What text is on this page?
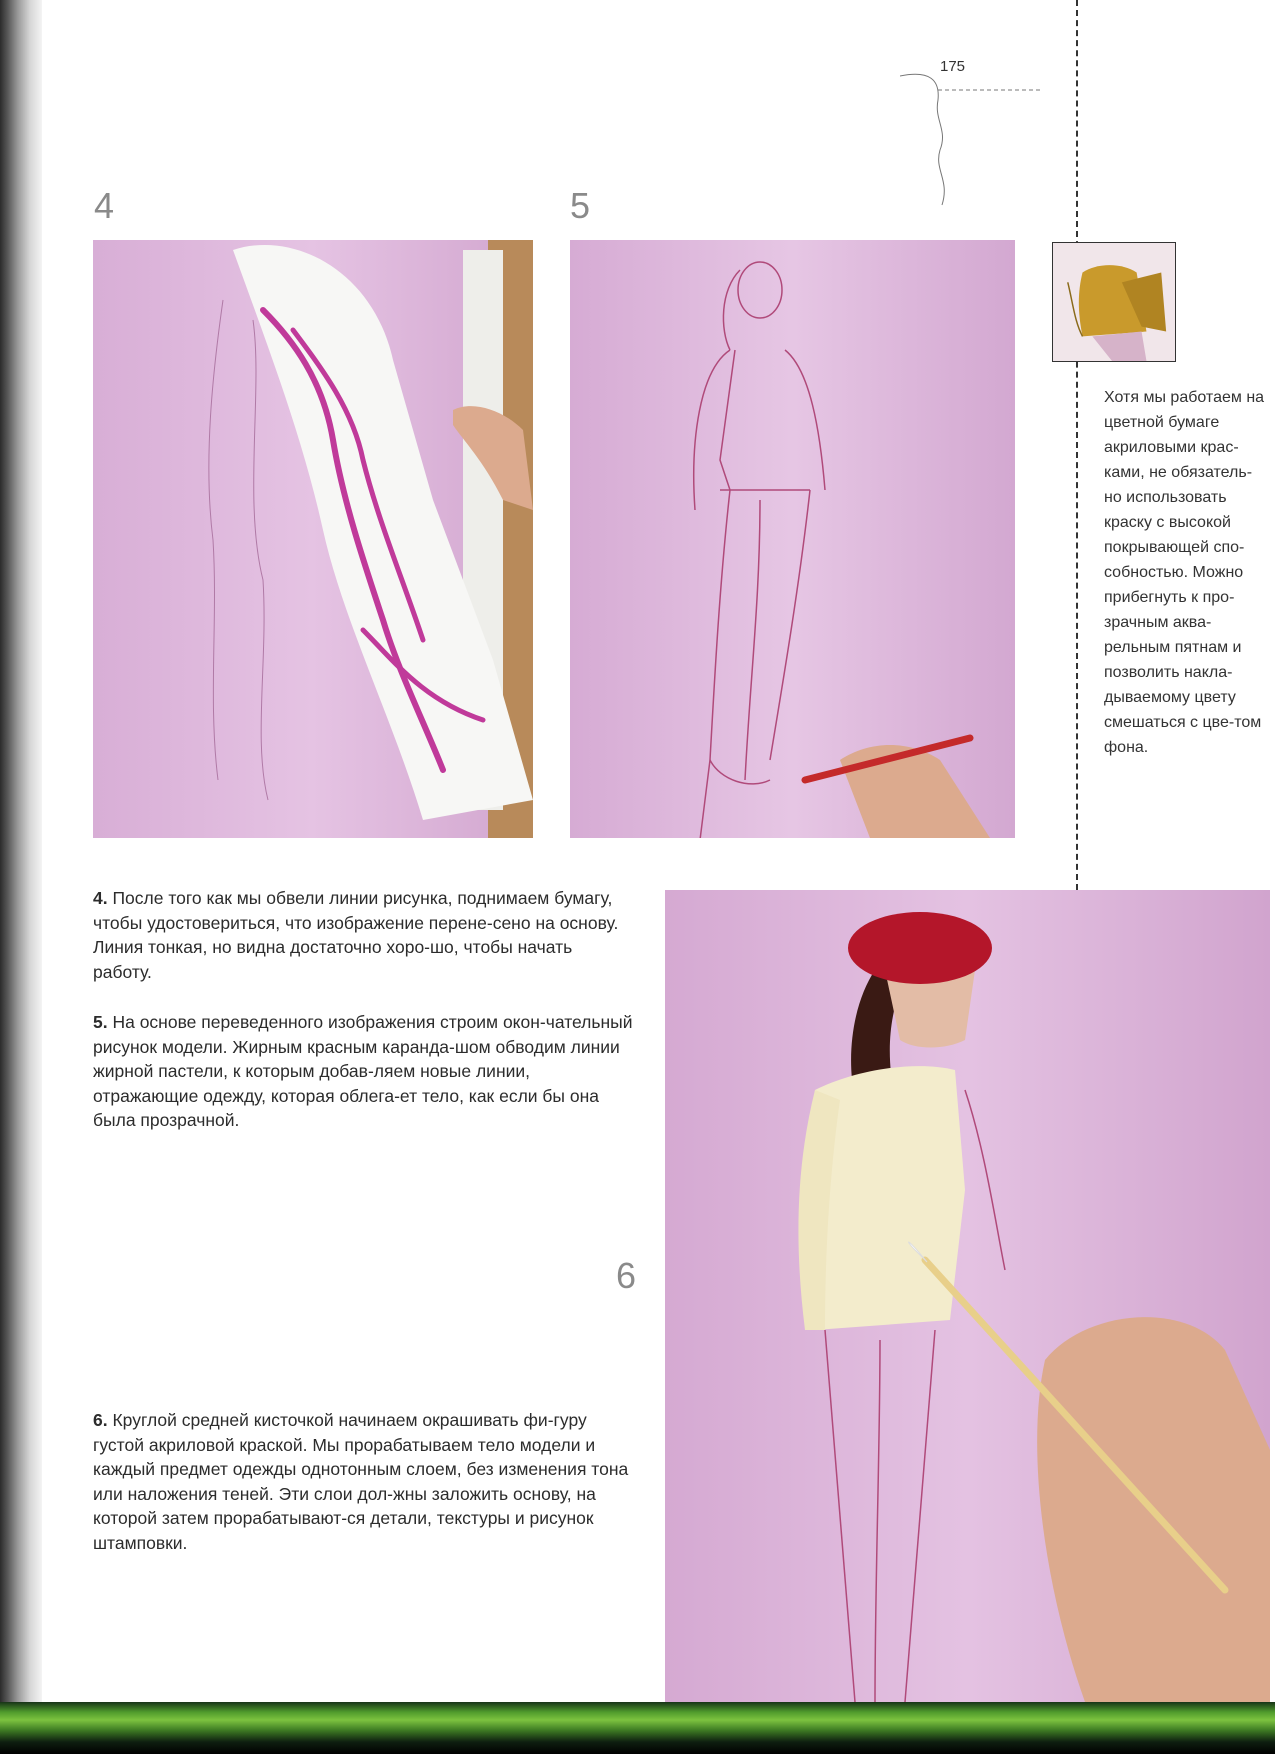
175
4	5
6

4. После того как мы обвели линии рисунка, поднимаем бумагу, чтобы удостовериться, что изображение перене-сено на основу. Линия тонкая, но видна достаточно хоро-шо, чтобы начать работу.

5. На основе переведенного изображения строим окон-чательный рисунок модели. Жирным красным каранда-шом обводим линии жирной пастели, к которым добав-ляем новые линии, отражающие одежду, которая облега-ет тело, как если бы она была прозрачной.

6. Круглой средней кисточкой начинаем окрашивать фи-гуру густой акриловой краской. Мы прорабатываем тело модели и каждый предмет одежды однотонным слоем, без изменения тона или наложения теней. Эти слои дол-жны заложить основу, на которой затем прорабатывают-ся детали, текстуры и рисунок штамповки.

Хотя мы работаем на цветной бумаге акриловыми крас-ками, не обязатель-но использовать краску с высокой покрывающей спо-собностью. Можно прибегнуть к про-зрачным аква-рельным пятнам и позволить накла-дываемому цвету смешаться с цве-том фона.
